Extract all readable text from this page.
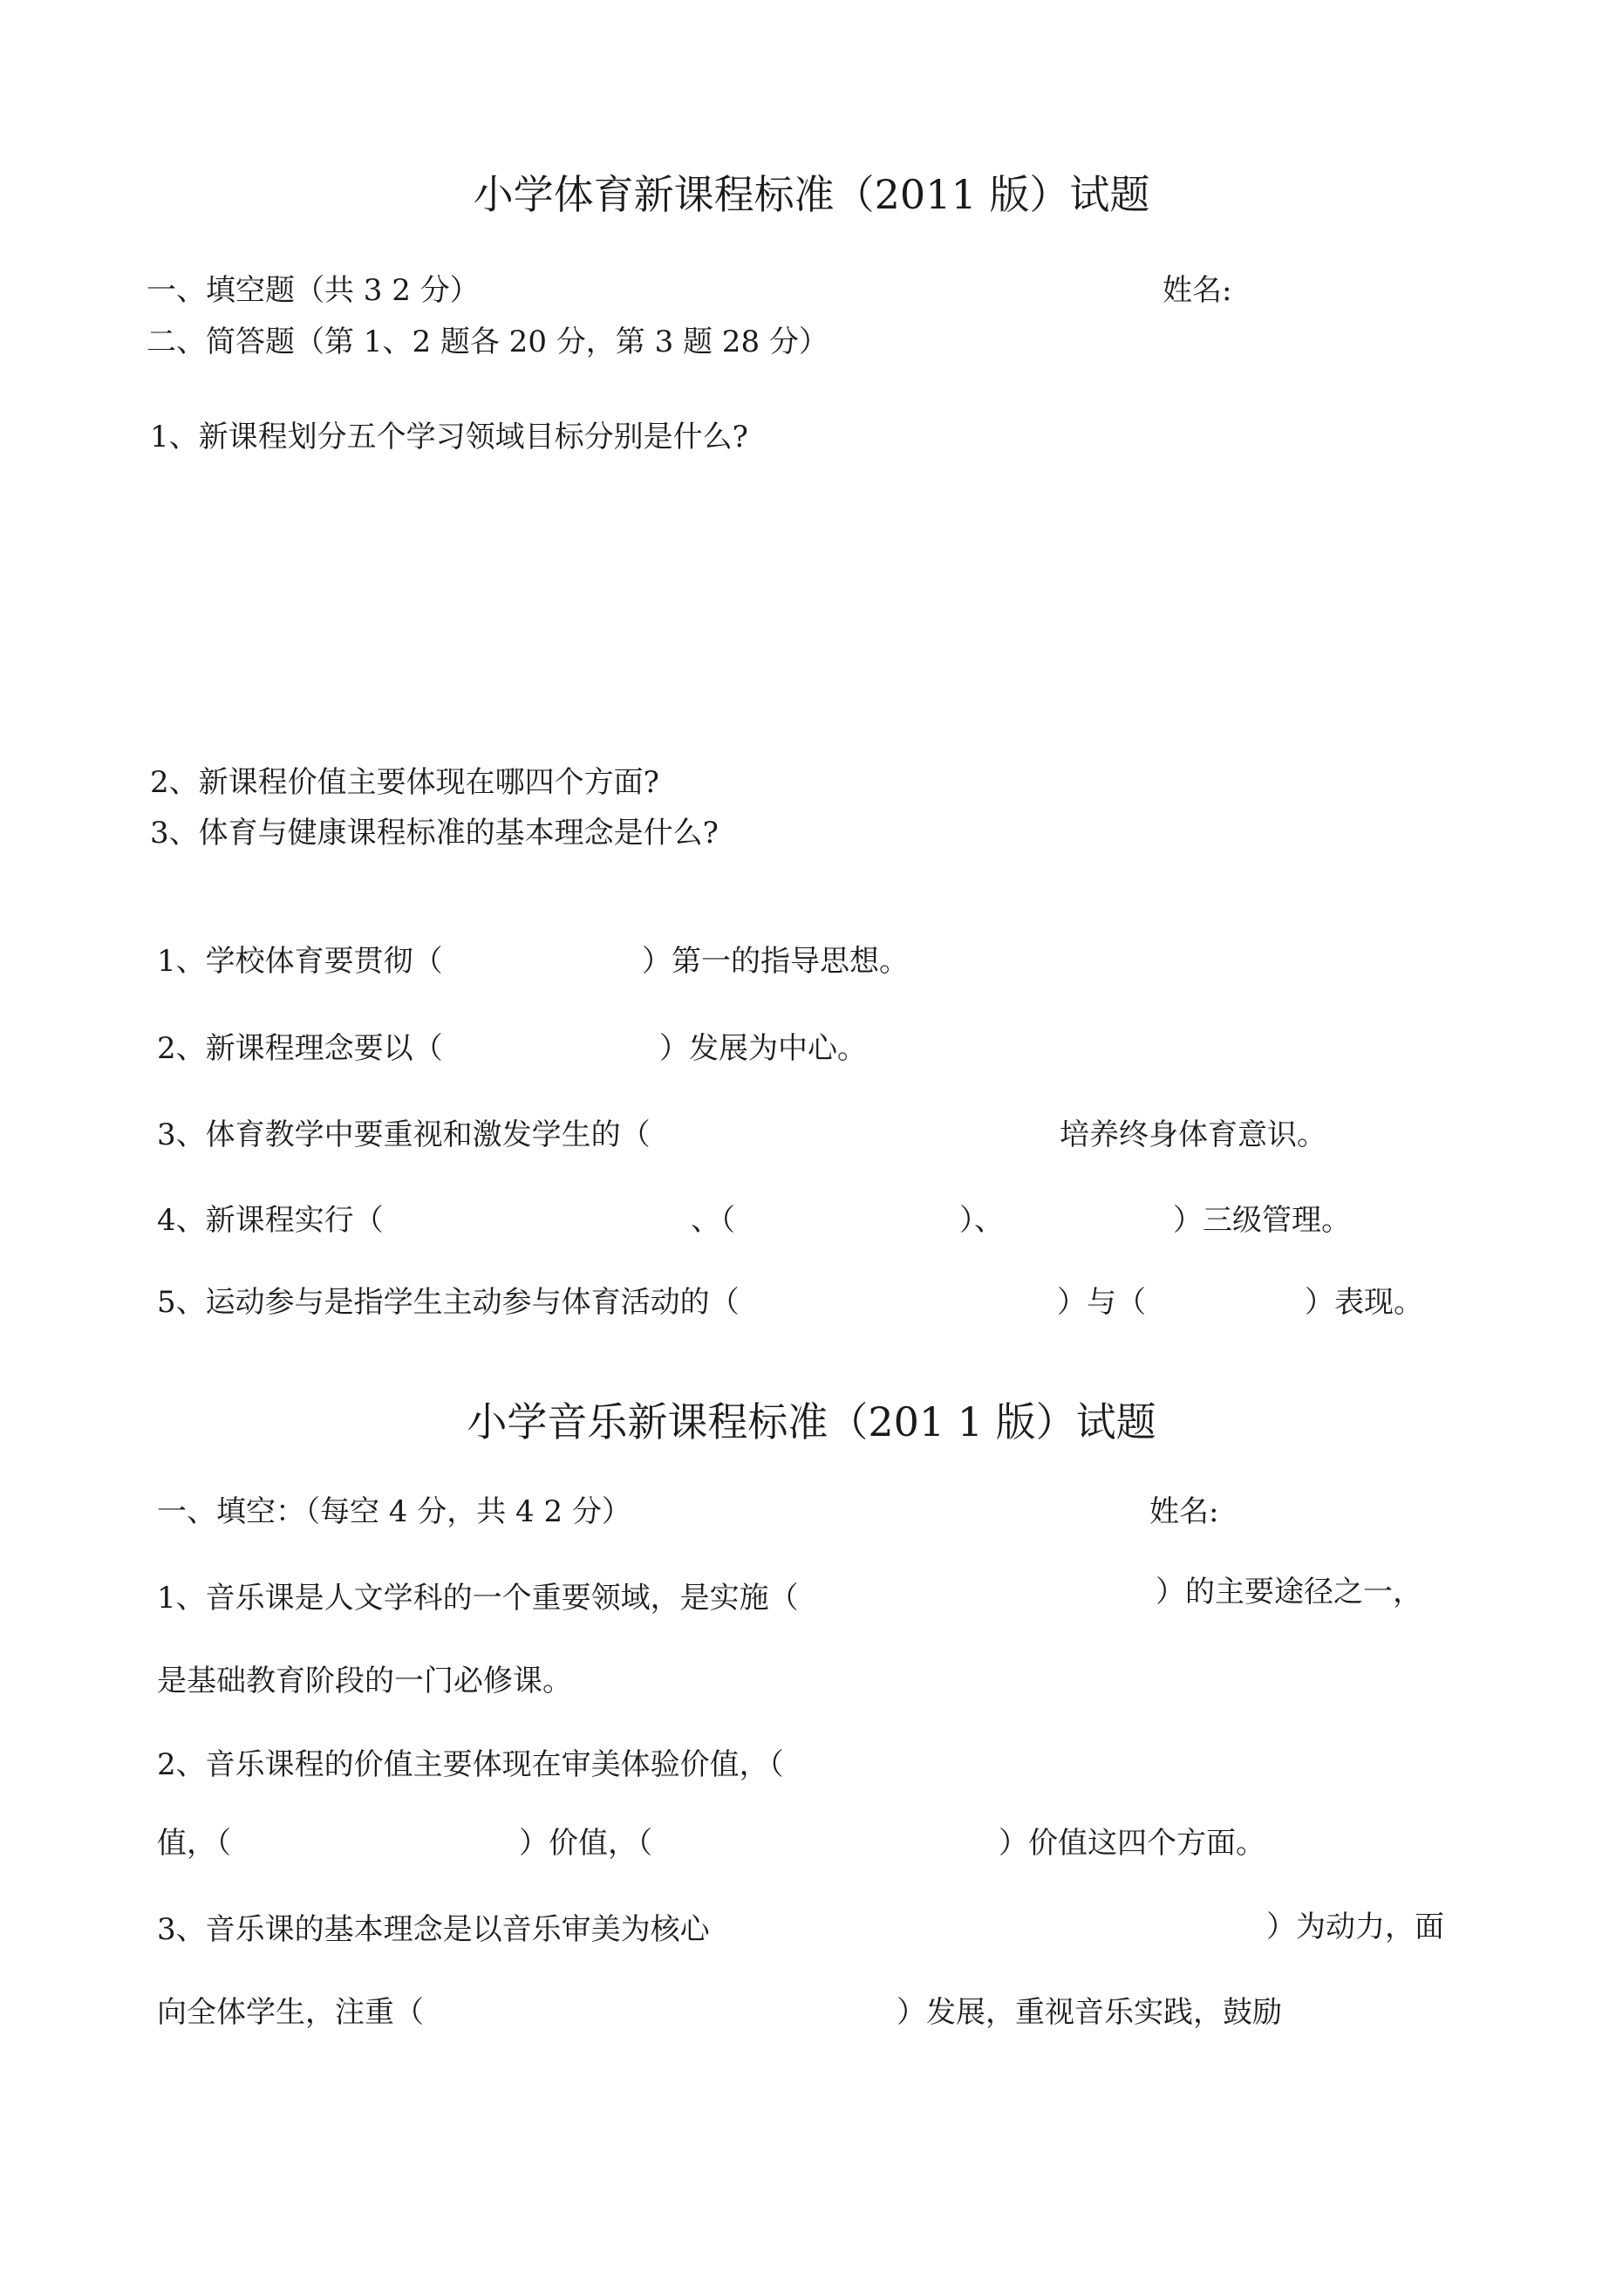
小学体育新课程标准（2011 版）试题
一、填空题（共 3 2 分）	姓名:
二、简答题（第 1、2 题各 20 分，第 3 题 28 分）
1、新课程划分五个学习领域目标分别是什么?
2、新课程价值主要体现在哪四个方面?
3、体育与健康课程标准的基本理念是什么?
1、学校体育要贯彻（	）第一的指导思想。
2、新课程理念要以（	）发展为中心。
3、体育教学中要重视和激发学生的（	培养终身体育意识。
4、新课程实行（	、（	）、	）三级管理。
5、运动参与是指学生主动参与体育活动的（	）与（	）表现。
小学音乐新课程标准（201 1 版）试题
一、填空：（每空 4 分，共 4 2 分）	姓名:
1、音乐课是人文学科的一个重要领域，是实施（	）的主要途径之一，
是基础教育阶段的一门必修课。
2、音乐课程的价值主要体现在审美体验价值，（
值，（	）价值，（	）价值这四个方面。
3、音乐课的基本理念是以音乐审美为核心	）为动力，面
向全体学生，注重（	）发展，重视音乐实践，鼓励
